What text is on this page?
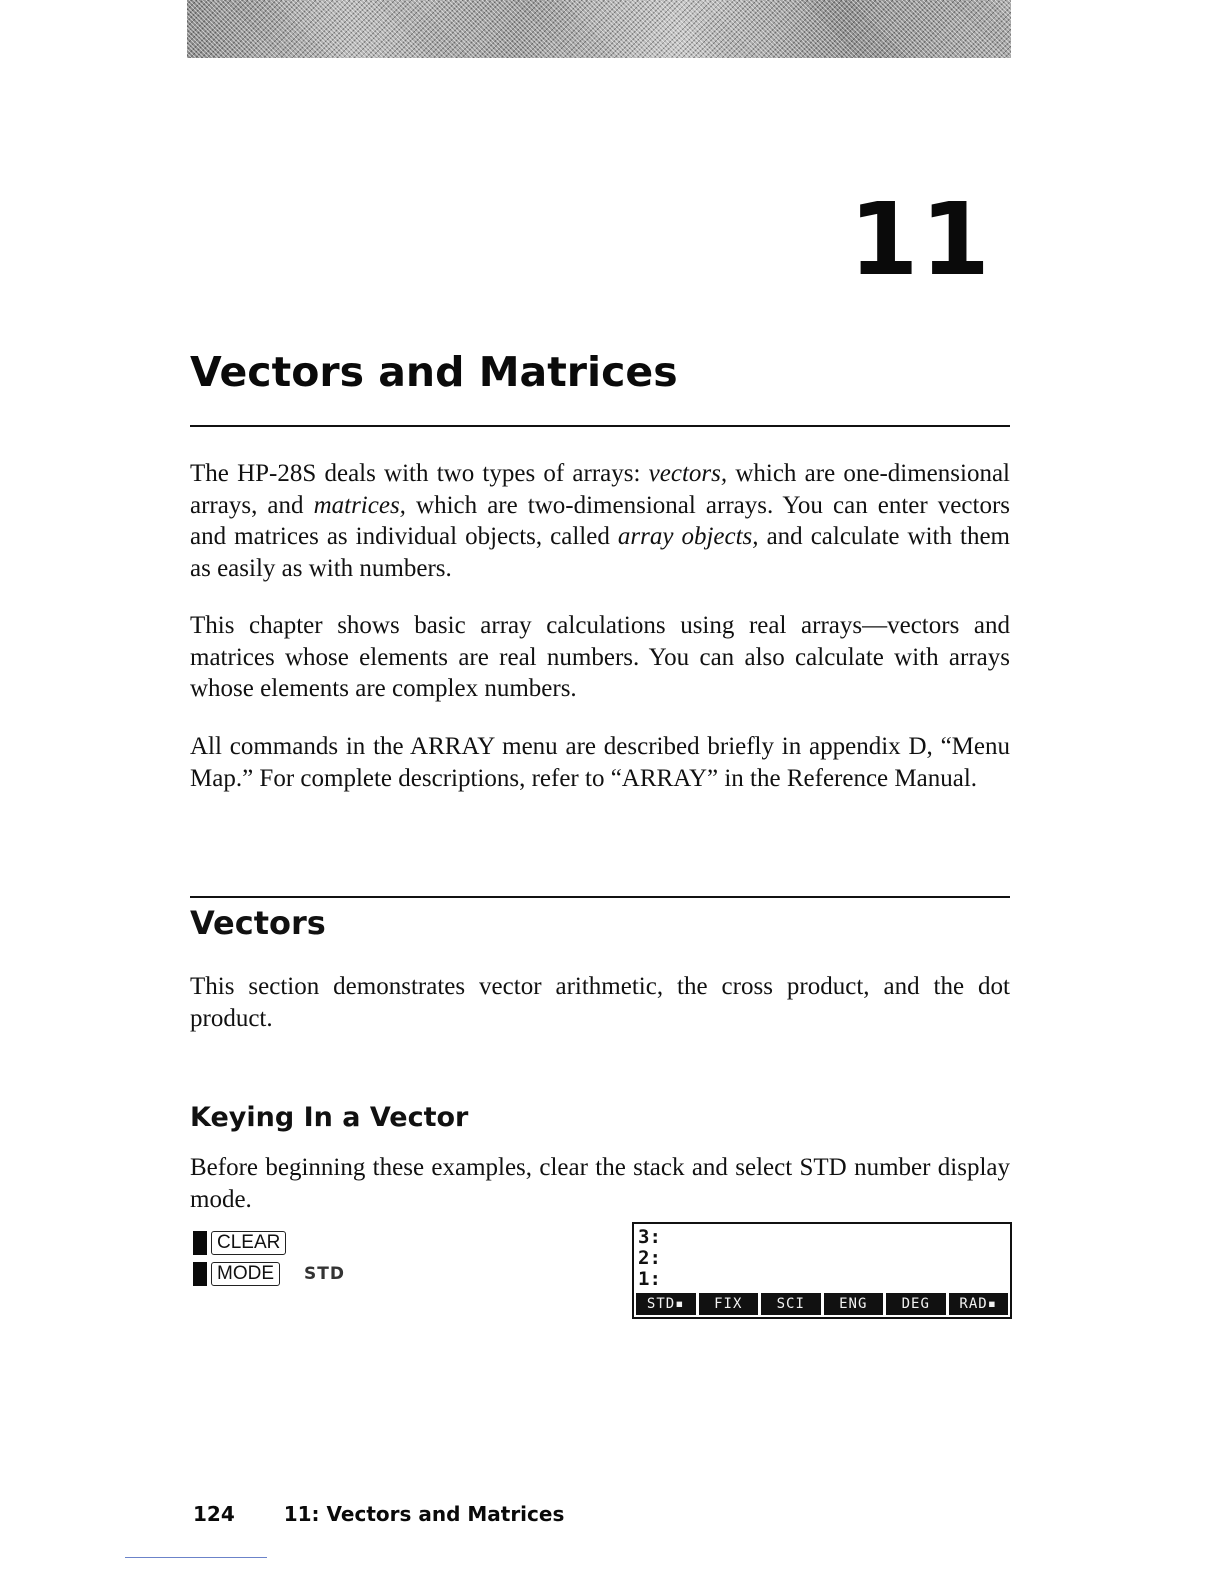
11
Vectors and Matrices

The HP-28S deals with two types of arrays: vectors, which are one-dimensional arrays, and matrices, which are two-dimensional arrays. You can enter vectors and matrices as individual objects, called array objects, and calculate with them as easily as with numbers.

This chapter shows basic array calculations using real arrays—vectors and matrices whose elements are real numbers. You can also calculate with arrays whose elements are complex numbers.

All commands in the ARRAY menu are described briefly in appendix D, “Menu Map.” For complete descriptions, refer to “ARRAY” in the Reference Manual.

Vectors

This section demonstrates vector arithmetic, the cross product, and the dot product.

Keying In a Vector

Before beginning these examples, clear the stack and select STD number display mode.

CLEAR
MODE	STD
3:
2:
1:
STD▪	FIX	SCI	ENG	DEG	RAD▪
124 11: Vectors and Matrices
